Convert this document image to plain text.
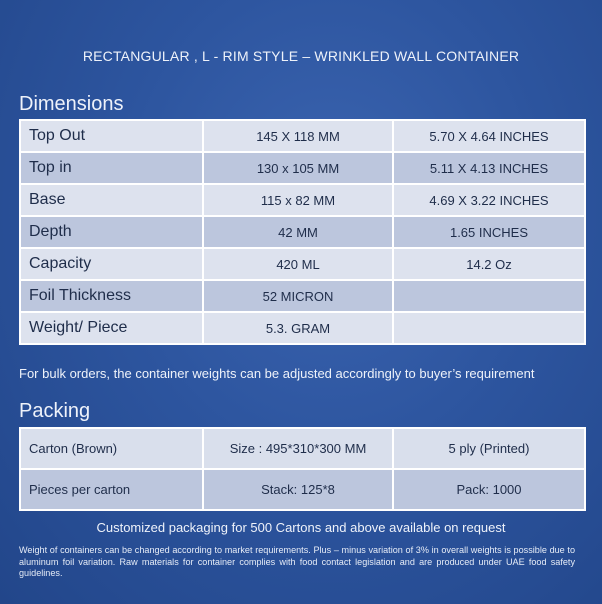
RECTANGULAR , L - RIM STYLE – WRINKLED WALL CONTAINER
Dimensions
Top Out	145 X 118 MM	5.70 X 4.64 INCHES
Top in	130 x 105 MM	5.11 X 4.13 INCHES
Base	115 x 82 MM	4.69 X 3.22 INCHES
Depth	42 MM	1.65 INCHES
Capacity	420 ML	14.2 Oz
Foil Thickness	52 MICRON	
Weight/ Piece	5.3. GRAM	
For bulk orders, the container weights can be adjusted accordingly to buyer’s requirement
Packing
Carton (Brown)	Size : 495*310*300 MM	5 ply (Printed)
Pieces per carton	Stack: 125*8	Pack: 1000
Customized packaging for 500 Cartons and above available on request
Weight of containers can be changed according to market requirements. Plus – minus variation of 3% in overall weights is possible due to aluminum foil variation. Raw materials for container complies with food contact legislation and are produced under UAE food safety guidelines.
